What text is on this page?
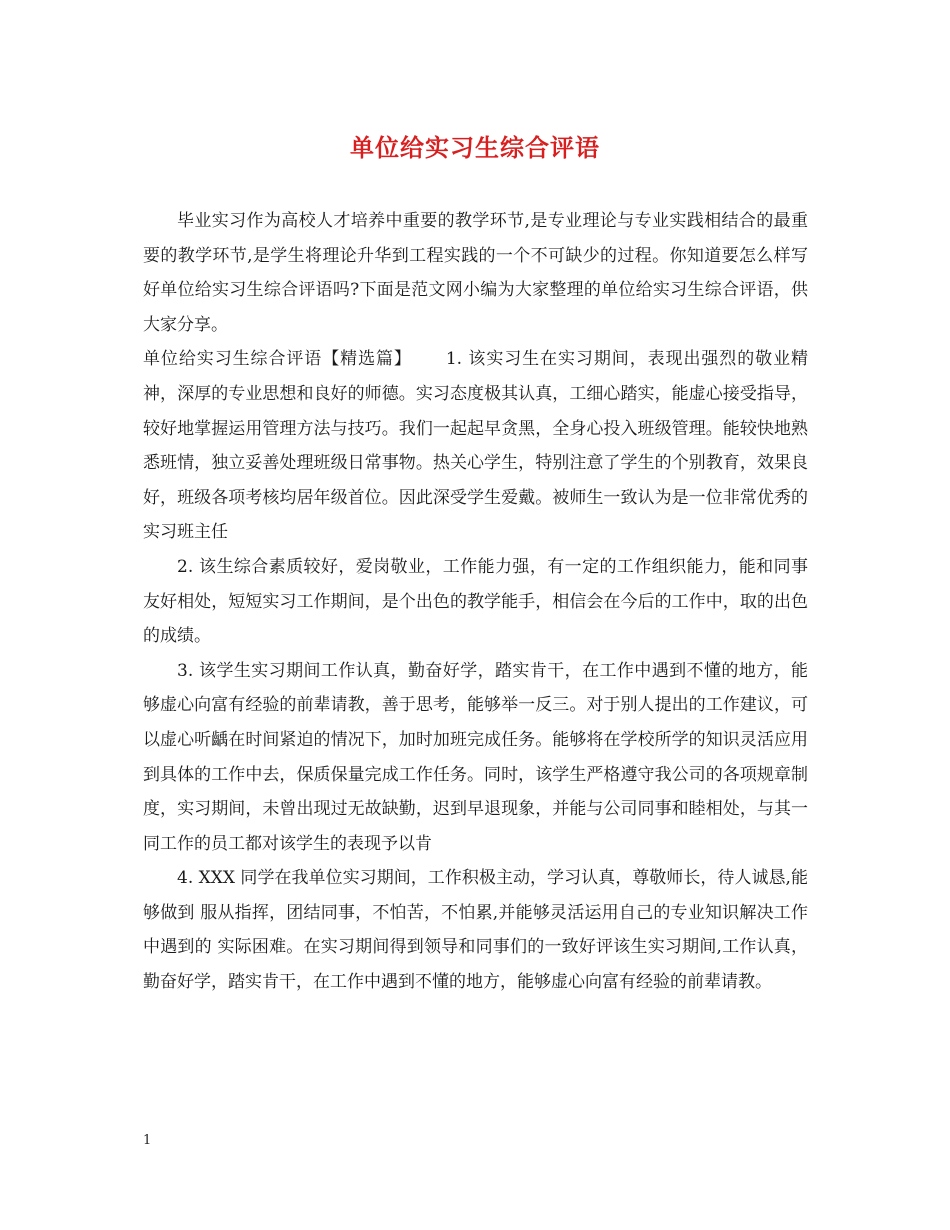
单位给实习生综合评语

毕业实习作为高校人才培养中重要的教学环节,是专业理论与专业实践相结合的最重要的教学环节,是学生将理论升华到工程实践的一个不可缺少的过程。你知道要怎么样写好单位给实习生综合评语吗?下面是范文网小编为大家整理的单位给实习生综合评语，供大家分享。

单位给实习生综合评语【精选篇】   1. 该实习生在实习期间，表现出强烈的敬业精神，深厚的专业思想和良好的师德。实习态度极其认真，工细心踏实，能虚心接受指导，较好地掌握运用管理方法与技巧。我们一起起早贪黑，全身心投入班级管理。能较快地熟悉班情，独立妥善处理班级日常事物。热关心学生，特别注意了学生的个别教育，效果良好，班级各项考核均居年级首位。因此深受学生爱戴。被师生一致认为是一位非常优秀的实习班主任

2. 该生综合素质较好，爱岗敬业，工作能力强，有一定的工作组织能力，能和同事友好相处，短短实习工作期间，是个出色的教学能手，相信会在今后的工作中，取的出色的成绩。

3. 该学生实习期间工作认真，勤奋好学，踏实肯干，在工作中遇到不懂的地方，能够虚心向富有经验的前辈请教，善于思考，能够举一反三。对于别人提出的工作建议，可以虚心听齲在时间紧迫的情况下，加时加班完成任务。能够将在学校所学的知识灵活应用到具体的工作中去，保质保量完成工作任务。同时，该学生严格遵守我公司的各项规章制度，实习期间，未曾出现过无故缺勤，迟到早退现象，并能与公司同事和睦相处，与其一同工作的员工都对该学生的表现予以肯

4. XXX 同学在我单位实习期间，工作积极主动，学习认真，尊敬师长，待人诚恳,能够做到 服从指挥，团结同事，不怕苦，不怕累,并能够灵活运用自己的专业知识解决工作中遇到的 实际困难。在实习期间得到领导和同事们的一致好评该生实习期间,工作认真，勤奋好学，踏实肯干，在工作中遇到不懂的地方，能够虚心向富有经验的前辈请教。

1
